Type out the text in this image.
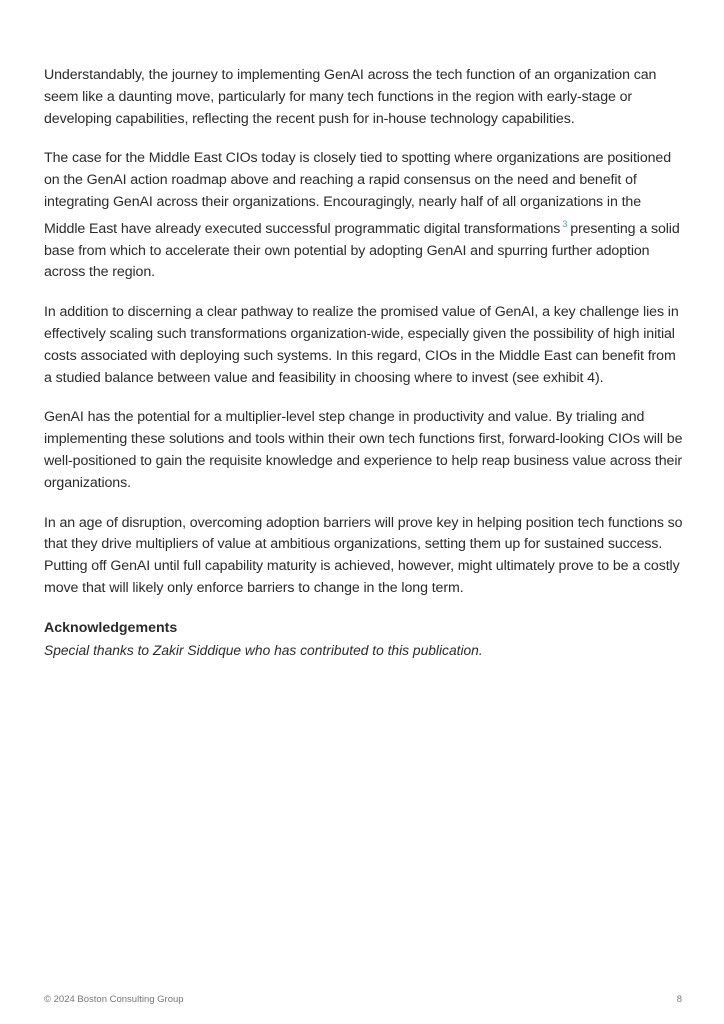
Understandably, the journey to implementing GenAI across the tech function of an organization can seem like a daunting move, particularly for many tech functions in the region with early-stage or developing capabilities, reflecting the recent push for in-house technology capabilities.

The case for the Middle East CIOs today is closely tied to spotting where organizations are positioned on the GenAI action roadmap above and reaching a rapid consensus on the need and benefit of integrating GenAI across their organizations. Encouragingly, nearly half of all organizations in the Middle East have already executed successful programmatic digital transformations $^3$ presenting a solid base from which to accelerate their own potential by adopting GenAI and spurring further adoption across the region.

In addition to discerning a clear pathway to realize the promised value of GenAI, a key challenge lies in effectively scaling such transformations organization-wide, especially given the possibility of high initial costs associated with deploying such systems. In this regard, CIOs in the Middle East can benefit from a studied balance between value and feasibility in choosing where to invest (see exhibit 4).

GenAI has the potential for a multiplier-level step change in productivity and value. By trialing and implementing these solutions and tools within their own tech functions first, forward-looking CIOs will be well-positioned to gain the requisite knowledge and experience to help reap business value across their organizations.

In an age of disruption, overcoming adoption barriers will prove key in helping position tech functions so that they drive multipliers of value at ambitious organizations, setting them up for sustained success. Putting off GenAI until full capability maturity is achieved, however, might ultimately prove to be a costly move that will likely only enforce barriers to change in the long term.

Acknowledgements

Special thanks to Zakir Siddique who has contributed to this publication.

© 2024 Boston Consulting Group	8
